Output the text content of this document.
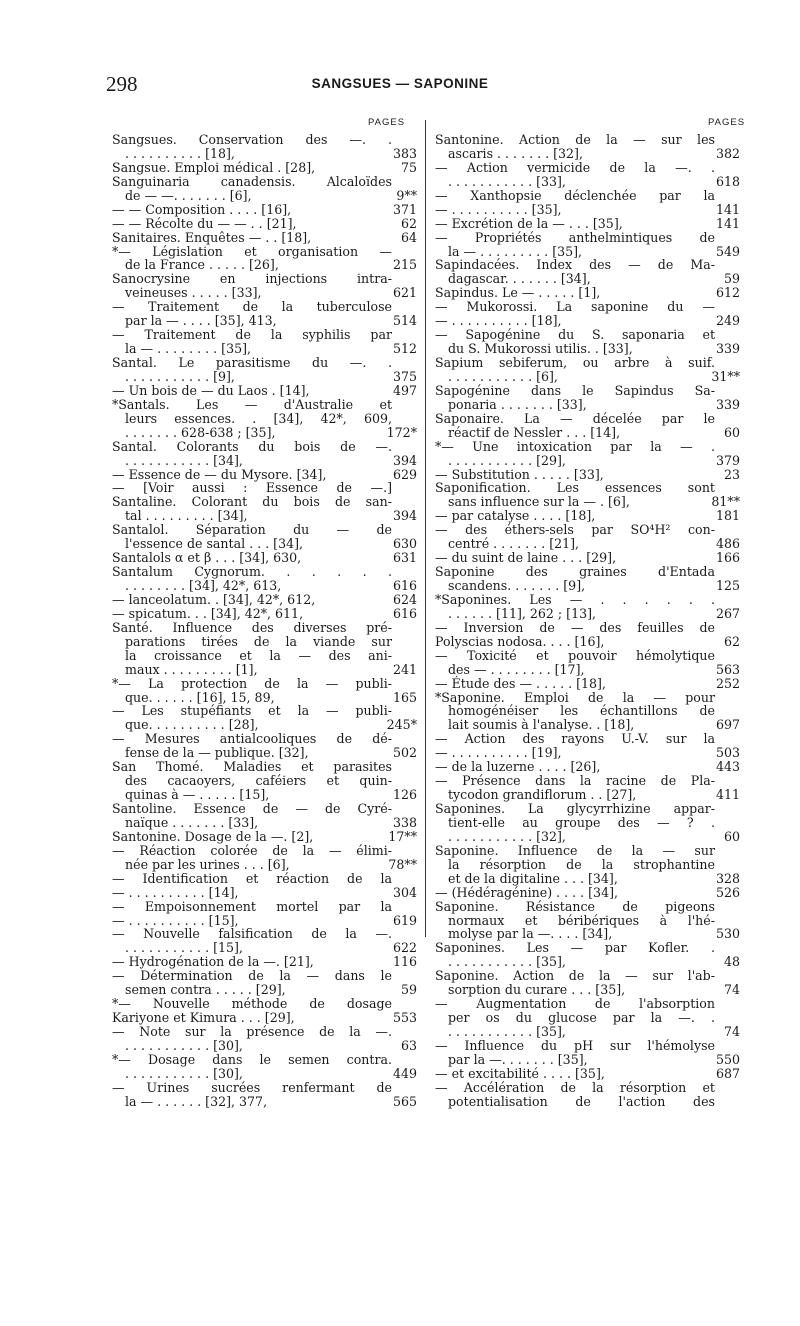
298	SANGSUES — SAPONINE
PAGES	PAGES
Sangsues. Conservation des —. .
. . . . . . . . . . [18],	383
Sangsue. Emploi médical . [28],	75
Sanguinaria canadensis. Alcaloïdes
de — —. . . . . . . [6],	9**
— — Composition . . . . [16],	371
— — Récolte du — — . . [21],	62
Sanitaires. Enquêtes — . . [18],	64
*— Législation et organisation —
de la France . . . . . [26],	215
Sanocrysine en injections intra-
veineuses . . . . . [33],	621
— Traitement de la tuberculose
par la — . . . . [35], 413,	514
— Traitement de la syphilis par
la — . . . . . . . . [35],	512
Santal. Le parasitisme du —. .
. . . . . . . . . . . [9],	375
— Un bois de — du Laos . [14],	497
*Santals. Les — d'Australie et
leurs essences. . [34], 42*, 609,
. . . . . . . 628-638 ; [35],	172*
Santal. Colorants du bois de —.
. . . . . . . . . . . [34],	394
— Essence de — du Mysore. [34],	629
— [Voir aussi : Essence de —.]
Santaline. Colorant du bois de san-
tal . . . . . . . . . [34],	394
Santalol. Séparation du — de
l'essence de santal . . . [34],	630
Santalols α et β . . . [34], 630,	631
Santalum Cygnorum. . . . . .
. . . . . . . . [34], 42*, 613,	616
— lanceolatum. . [34], 42*, 612,	624
— spicatum. . . [34], 42*, 611,	616
Santé. Influence des diverses pré-
parations tirées de la viande sur
la croissance et la — des ani-
maux . . . . . . . . . [1],	241
*— La protection de la — publi-
que. . . . . . [16], 15, 89,	165
— Les stupéfiants et la — publi-
que. . . . . . . . . . [28],	245*
— Mesures antialcooliques de dé-
fense de la — publique. [32],	502
San Thomé. Maladies et parasites
des cacaoyers, caféiers et quin-
quinas à — . . . . . [15],	126
Santoline. Essence de — de Cyré-
naïque . . . . . . . [33],	338
Santonine. Dosage de la —. [2],	17**
— Réaction colorée de la — élimi-
née par les urines . . . [6],	78**
— Identification et réaction de la
— . . . . . . . . . . [14],	304
— Empoisonnement mortel par la
— . . . . . . . . . . [15],	619
— Nouvelle falsification de la —.
. . . . . . . . . . . [15],	622
— Hydrogénation de la —. [21],	116
— Détermination de la — dans le
semen contra . . . . . [29],	59
*— Nouvelle méthode de dosage
Kariyone et Kimura . . . [29],	553
— Note sur la présence de la —.
. . . . . . . . . . . [30],	63
*— Dosage dans le semen contra.
. . . . . . . . . . . [30],	449
— Urines sucrées renfermant de
la — . . . . . . [32], 377,	565
Santonine. Action de la — sur les
ascaris . . . . . . . [32],	382
— Action vermicide de la —. .
. . . . . . . . . . . [33],	618
— Xanthopsie déclenchée par la
— . . . . . . . . . . [35],	141
— Excrétion de la — . . . [35],	141
— Propriétés anthelmintiques de
la — . . . . . . . . . [35],	549
Sapindacées. Index des — de Ma-
dagascar. . . . . . . [34],	59
Sapindus. Le — . . . . . [1],	612
— Mukorossi. La saponine du —
— . . . . . . . . . . [18],	249
— Sapogénine du S. saponaria et
du S. Mukorossi utilis. . [33],	339
Sapium sebiferum, ou arbre à suif.
. . . . . . . . . . . [6],	31**
Sapogénine dans le Sapindus Sa-
ponaria . . . . . . . [33],	339
Saponaire. La — décelée par le
réactif de Nessler . . . [14],	60
*— Une intoxication par la — .
. . . . . . . . . . . [29],	379
— Substitution . . . . . [33],	23
Saponification. Les essences sont
sans influence sur la — . [6],	81**
— par catalyse . . . . [18],	181
— des éthers-sels par SO⁴H² con-
centré . . . . . . . [21],	486
— du suint de laine . . . [29],	166
Saponine des graines d'Entada
scandens. . . . . . . [9],	125
*Saponines. Les — . . . . . .
. . . . . . [11], 262 ; [13],	267
— Inversion de — des feuilles de
Polyscias nodosa. . . . [16],	62
— Toxicité et pouvoir hémolytique
des — . . . . . . . . [17],	563
— Étude des — . . . . . [18],	252
*Saponine. Emploi de la — pour
homogénéiser les échantillons de
lait soumis à l'analyse. . [18],	697
— Action des rayons U.-V. sur la
— . . . . . . . . . . [19],	503
— de la luzerne . . . . [26],	443
— Présence dans la racine de Pla-
tycodon grandiflorum . . [27],	411
Saponines. La glycyrrhizine appar-
tient-elle au groupe des — ? .
. . . . . . . . . . . [32],	60
Saponine. Influence de la — sur
la résorption de la strophantine
et de la digitaline . . . [34],	328
— (Hédéragénine) . . . . [34],	526
Saponine. Résistance de pigeons
normaux et béribériques à l'hé-
molyse par la —. . . . [34],	530
Saponines. Les — par Kofler. .
. . . . . . . . . . . [35],	48
Saponine. Action de la — sur l'ab-
sorption du curare . . . [35],	74
— Augmentation de l'absorption
per os du glucose par la —. .
. . . . . . . . . . . [35],	74
— Influence du pH sur l'hémolyse
par la —. . . . . . . [35],	550
— et excitabilité . . . . [35],	687
— Accélération de la résorption et
potentialisation de l'action des
